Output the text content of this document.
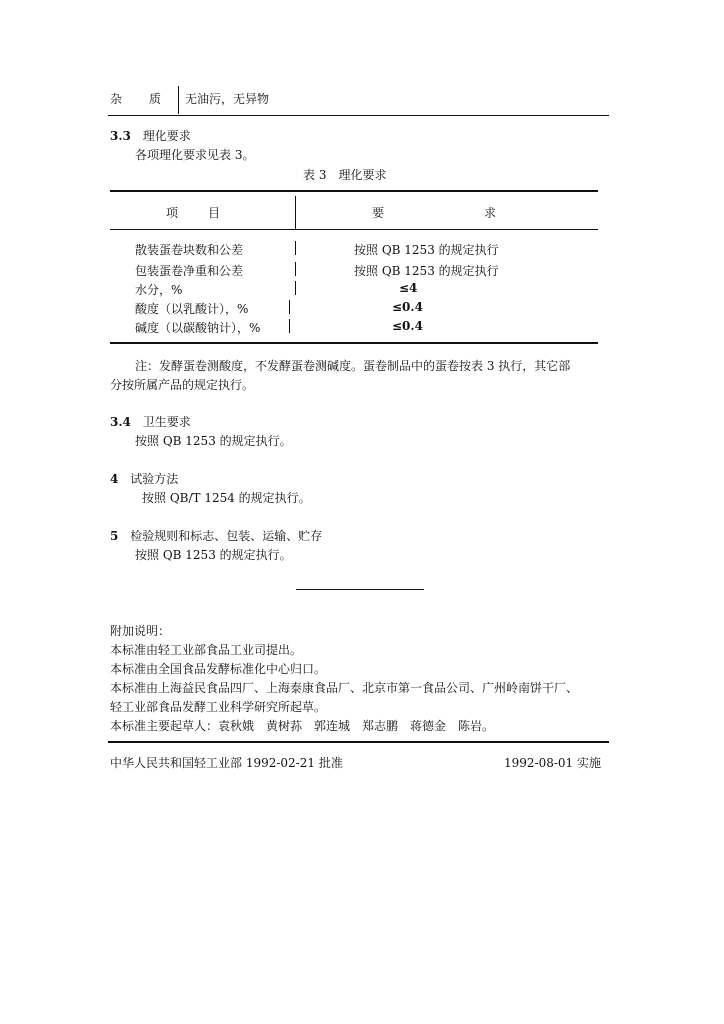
杂　　质 无油污，无异物
3.3 理化要求
各项理化要求见表 3。
表 3　理化要求
项　　目	要　　　　　　　求
散装蛋卷块数和公差	按照 QB 1253 的规定执行
包装蛋卷净重和公差	按照 QB 1253 的规定执行
水分，%	≤4
酸度（以乳酸计），%	≤0.4
碱度（以碳酸钠计），%	≤0.4
注：发酵蛋卷测酸度，不发酵蛋卷测碱度。蛋卷制品中的蛋卷按表 3 执行，其它部
分按所属产品的规定执行。
3.4 卫生要求
按照 QB 1253 的规定执行。
4 试验方法
按照 QB/T 1254 的规定执行。
5 检验规则和标志、包装、运输、贮存
按照 QB 1253 的规定执行。
附加说明：
本标准由轻工业部食品工业司提出。
本标准由全国食品发酵标准化中心归口。
本标准由上海益民食品四厂、上海泰康食品厂、北京市第一食品公司、广州岭南饼干厂、
轻工业部食品发酵工业科学研究所起草。
本标准主要起草人：袁秋娥　黄树荪　郭连城　郑志鹏　蒋德金　陈岩。
中华人民共和国轻工业部 1992-02-21 批准	1992-08-01 实施
